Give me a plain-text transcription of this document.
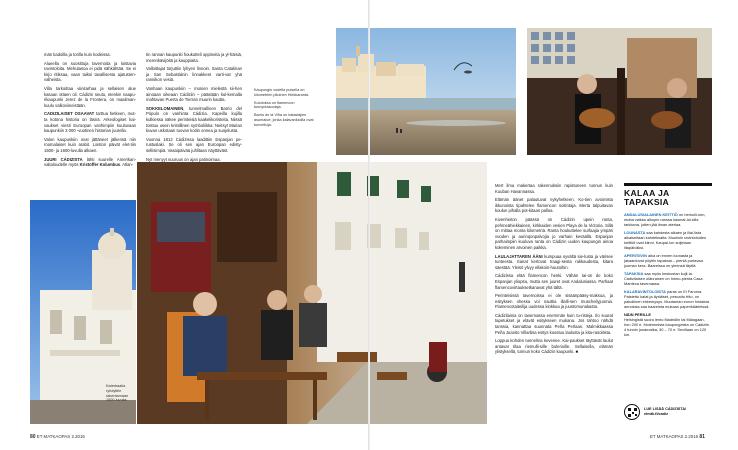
män kadoilla ja torilla kuin kodeissa.

Alueella on suosittuja tavernoita ja loistavia ravintoloita. Mehutasoa ei pidä sähkähtää. Se ei kirjo ritiksaa, vaan taiksi tavallisesta ajatusten-valheista.

Villa tarkoittaa viinitarhaa ja sellaisen alue kasaan ottaen oli. Cádizin seutu, etenkin naapu-rikaupunki Jerez de la Frontera, on maailman-kuulu valkoviineistään.

CADIZILAISET OSAAVAT tarttua hetkeen, mut-ta kotona historia on läsnä. Arkeologiset kai-vaukset viesti Euroopan vanhimpiin kuuluvaan kaupunkiin 3 000 -vuotinen historian juurella.

Valon kaupunkiin ovat jättäneet jälkensä niin roomalaiset kuin arabit. Loiston päivät elet-tiin 1500- ja 1600-luvulla alkaen.

JUURI CÁDIZISTA lähti suurelle Amerikan-valtaloudelle myös Kristoffer Kolumbus. Atlan-

tin rannan kaupunki houkutteli oppineita ja yl-häisiä, merenkävijöitä ja kauppiaita.

Valloittajat torjuttiin lyhyen linnoin. Santa Catalinan ja San Sebastiánin linnakkeet varti-vat yhä rannikon vesiä.

Vanhaan kaupunkiin – monien mielestä sii-hen ainoaan oikeaan Cádiziin – päästään kul-kemalla mahtavan Puerta de Tierran muurin kautta.

SOKKELOMAINEN, tunnelmallinen Barrio del Pópulo on vanhinta Cádizia. Kapeilla kujilla kulkiessa näkee perinteisiä kaakelikoristeita. Niissä toistuu usein kristillinen symboliikka: Neitsyt Marian kuvan uskotaan tuovan kotiin onnea ja suojelusta.

Vuonna 1812 Cádizissa laadittiin Espanjan pe-rustuslaki. Se oli sen ajan Euroopan edisty-sellisimpiä. Vasaipäivää juhlitaan näyttäväst.

Nyt menyyt suuruus on ajan patinoimaa.

Kaupungin vodella puisella on kilometrien pituinen Hiekkaranta.

Kolotoksa on flamencon tunnyntasoolaja.

Barrio de la Viña on kalastajien asumalue, jonka kalavankioilla ovat tunnettuja.

Katedraalia ryhdyttiin rakentamaan 1500-luvulla.
80 ET MATKAOPAS 2.2016

Mert ilma makertaa rakennuksiin rapistuneen tunnun kuin Kuuban Havannassa.

Elämän äänet palautuvat nykyhetkeen. Ko-tien avoimista ikkunoista tipahtelee flamencon soitintaja. Merta talpuitavan koulun pihalla pot-kitaan palloa.

Kivenheiton päässä on Cádizin upein ranta, pehmeähiekkainen, kirkkaiden vesien Playa de la Victoria. Sillä on mittaa monta kilometriä. Ranta houkuttelee surfaajia ympäri vuoden ja aurinqonpalvojia jo varhain keväällä. Espanjan parhaimpiin kuuluva ranta on Cádizin uuden kaupungin ainoa kokeminen arvoinen paikka.

LAULAJATTAREN ÄÄNI kumpuaa syvältä sie-lusta ja värisee tunteesta. Sanat kertovat traagi-sesta rakkaudesta, kitara säestää. Yleisö ylvyy ellakoin-huutoihin.

Cádizissa elää flamencon henki. Vähän tai-on de koko Espanjan yliopsa, mutta sen juuret ovat Andalusiassa. Parhaat flamencovirtauksetkanavat yhä tältä.

Perinteisissä tavernoissa ei ole sisäänpääsy-maksua, ja esityksen ohessa voi nauttia illalli-sen muscheilyjuomia. Flamencotaiteilija uudessa kinkkua ja juustomunakasta.

Cádizilainia on tavernassa enemmän kuin tu-risteja. Ilo suurat tapetukset ja elävät esitykseen mukana. Jos tahtoo nähdä tanssia, kannattaa suunnata Peña Perlaan. Malmikkaassa Peña Juanito Villarbsa esitys koostuu laulusta ja kita-rasoitista.

Loppua kohden tunnelma kevenee. Kai-paukset täyttävät laulut antavat tilaa riemulli-sille bulerioille. Sellaisella, elämän ylistyksellä, tunnun koko Cádizin kaupunki. ■

KALAA JA TAPAKSIA
ANDALUSIALAINEN KEITTIÖ on herkulli-nen, mutta vaikka alkupin ranssa kasmal-lai silla tarkkana, jotten jää ilman ateriaa.
LOUNASTA saa kahdesta alkaen ja illal-lista alkaiseltaan kahdeksalta. Muulloin ravintoloiden keittiöt ovat kiinni. Kaupal-lon suljetaan iltapäiväksi.
APERITIIVIN aika on ennen lounasta ja jakaantuvat pöytiin tapaksia – pieniä purtavaa juoman kera. Baareissa on yleensä täyttä.
TAPAKSIA saa myös keskustan kujil-la. Cádizilaisen olänrainen on hirmu-pienta Casa Manteca tavernassa.
KALARAVINTOLOISTA paras on El Faroma. Paistettu kalat ja äyriäiset, pescaíto frito, on pakollinen ehkemysys. Muutaman euron hintaisia annoksia saa baareista mukaan paperikäärieissä.
NÄIN PERILLE
Helsingistä suora lento Madridiin tai Málagaan, hon 200 e. Molemmista kaupungeista on Cádiziin 4 tunnin junamatka, 30 – 70 e. Sevillaan on 120 km.
LUE LISÄÄ CÁDIZISTA!
etmtk.fi/cadiz
ET MATKAOPAS 2.2016 81
